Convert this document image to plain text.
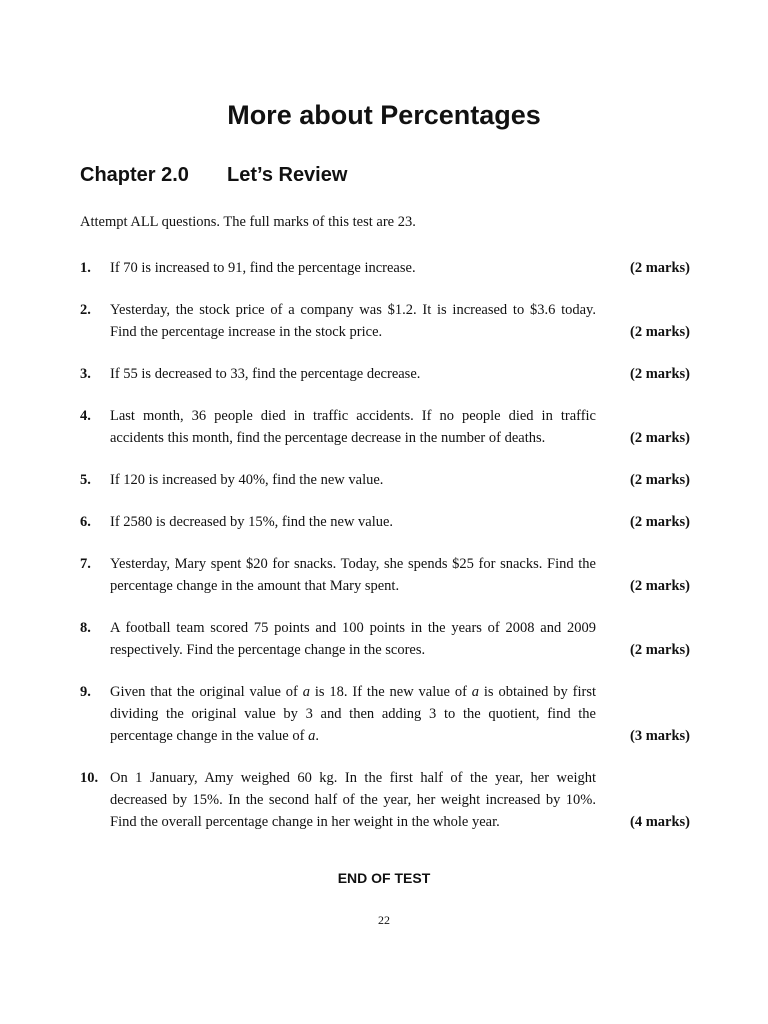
More about Percentages
Chapter 2.0	Let’s Review

Attempt ALL questions. The full marks of this test are 23.

1. If 70 is increased to 91, find the percentage increase.	(2 marks)
2. Yesterday, the stock price of a company was $1.2. It is increased to $3.6 today. Find the percentage increase in the stock price.	(2 marks)
3. If 55 is decreased to 33, find the percentage decrease.	(2 marks)
4. Last month, 36 people died in traffic accidents. If no people died in traffic accidents this month, find the percentage decrease in the number of deaths.	(2 marks)
5. If 120 is increased by 40%, find the new value.	(2 marks)
6. If 2580 is decreased by 15%, find the new value.	(2 marks)
7. Yesterday, Mary spent $20 for snacks. Today, she spends $25 for snacks. Find the percentage change in the amount that Mary spent.	(2 marks)
8. A football team scored 75 points and 100 points in the years of 2008 and 2009 respectively. Find the percentage change in the scores.	(2 marks)
9. Given that the original value of a is 18. If the new value of a is obtained by first dividing the original value by 3 and then adding 3 to the quotient, find the percentage change in the value of a.	(3 marks)
10. On 1 January, Amy weighed 60 kg. In the first half of the year, her weight decreased by 15%. In the second half of the year, her weight increased by 10%. Find the overall percentage change in her weight in the whole year.	(4 marks)

END OF TEST

22
